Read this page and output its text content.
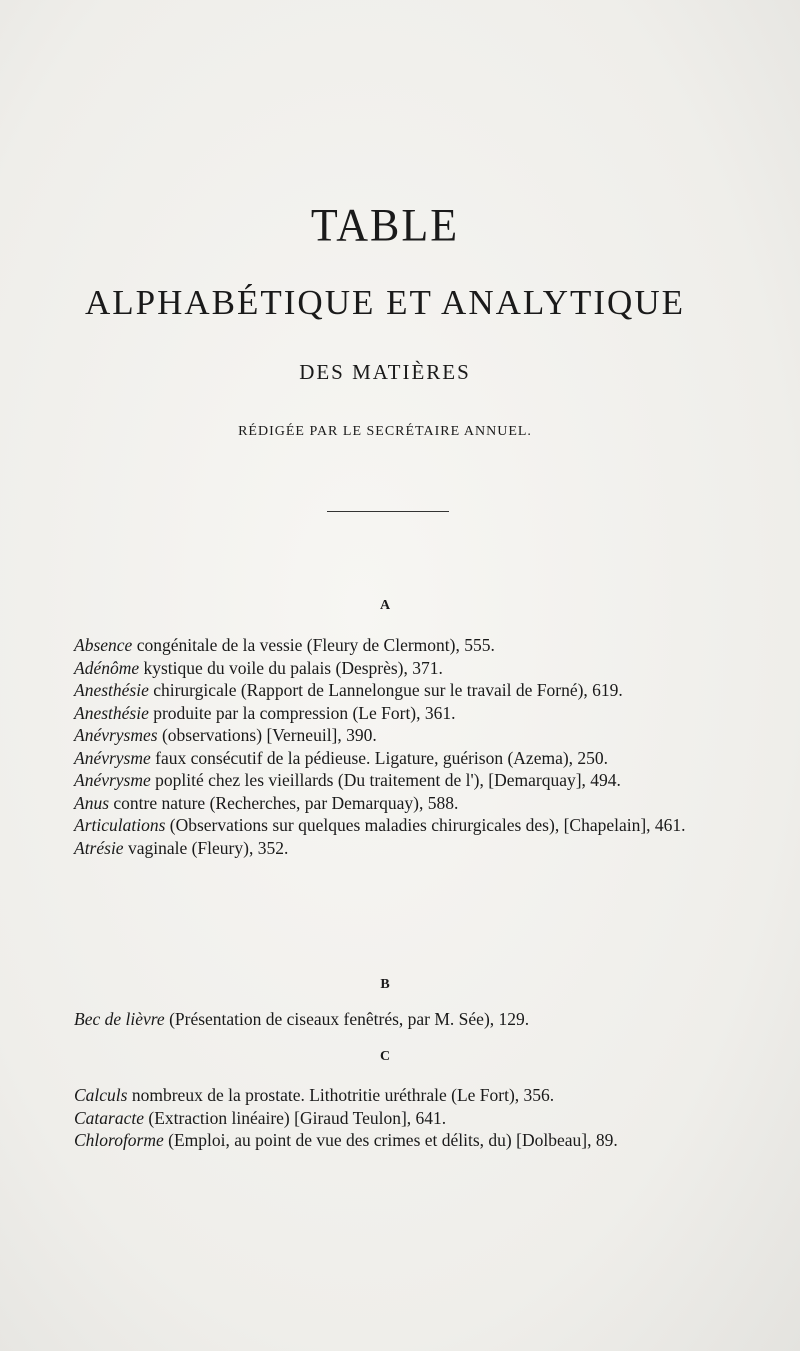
TABLE
ALPHABÉTIQUE ET ANALYTIQUE
DES MATIÈRES
RÉDIGÉE PAR LE SECRÉTAIRE ANNUEL.
A
Absence congénitale de la vessie (Fleury de Clermont), 555.
Adénôme kystique du voile du palais (Desprès), 371.
Anesthésie chirurgicale (Rapport de Lannelongue sur le travail de Forné), 619.
Anesthésie produite par la compression (Le Fort), 361.
Anévrysmes (observations) [Verneuil], 390.
Anévrysme faux consécutif de la pédieuse. Ligature, guérison (Azema), 250.
Anévrysme poplité chez les vieillards (Du traitement de l'), [Demarquay], 494.
Anus contre nature (Recherches, par Demarquay), 588.
Articulations (Observations sur quelques maladies chirurgicales des), [Chapelain], 461.
Atrésie vaginale (Fleury), 352.
B
Bec de lièvre (Présentation de ciseaux fenêtrés, par M. Sée), 129.
C
Calculs nombreux de la prostate. Lithotritie uréthrale (Le Fort), 356.
Cataracte (Extraction linéaire) [Giraud Teulon], 641.
Chloroforme (Emploi, au point de vue des crimes et délits, du) [Dolbeau], 89.
